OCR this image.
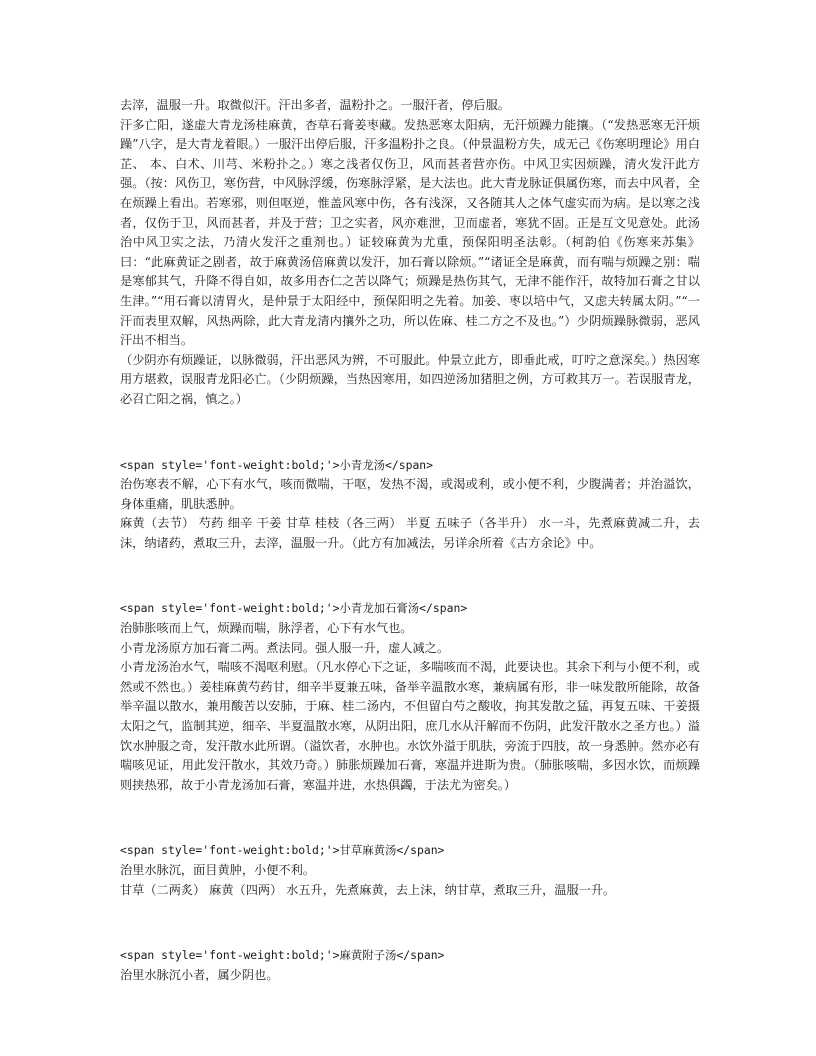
去滓，温服一升。取微似汗。汗出多者，温粉扑之。一服汗者，停后服。

汗多亡阳，遂虚大青龙汤桂麻黄，杏草石膏姜枣藏。发热恶寒太阳病，无汗烦躁力能攘。（“发热恶寒无汗烦躁”八字，是大青龙着眼。）一服汗出停后服，汗多温粉扑之良。（仲景温粉方失，成无己《伤寒明理论》用白芷、 本、白术、川芎、米粉扑之。）寒之浅者仅伤卫，风而甚者营亦伤。中风卫实因烦躁，清火发汗此方强。（按：风伤卫，寒伤营，中风脉浮缓，伤寒脉浮紧，是大法也。此大青龙脉证俱属伤寒，而去中风者，全在烦躁上看出。若寒邪，则但呕逆，惟盖风寒中伤，各有浅深，又各随其人之体气虚实而为病。是以寒之浅者，仅伤于卫，风而甚者，并及于营；卫之实者，风亦难泄，卫而虚者，寒犹不固。正是互文见意处。此汤治中风卫实之法，乃清火发汗之重剂也。）证较麻黄为尤重，预保阳明圣法彰。（柯韵伯《伤寒来苏集》曰：“此麻黄证之剧者，故于麻黄汤倍麻黄以发汗，加石膏以除烦。”“诸证全是麻黄，而有喘与烦躁之别：喘是寒郁其气，升降不得自如，故多用杏仁之苦以降气；烦躁是热伤其气，无津不能作汗，故特加石膏之甘以生津。”“用石膏以清胃火，是仲景于太阳经中，预保阳明之先着。加姜、枣以培中气，又虑夫转属太阴。”“一汗而表里双解，风热两除，此大青龙清内攘外之功，所以佐麻、桂二方之不及也。”）少阴烦躁脉微弱，恶风汗出不相当。

（少阴亦有烦躁证，以脉微弱，汗出恶风为辨，不可服此。仲景立此方，即垂此戒，叮咛之意深矣。）热因寒用方堪救，误服青龙阳必亡。（少阴烦躁，当热因寒用，如四逆汤加猪胆之例，方可救其万一。若误服青龙，必召亡阳之祸，慎之。）

<span style='font-weight:bold;'>小青龙汤</span>

治伤寒表不解，心下有水气，咳而微喘，干呕，发热不渴，或渴或利，或小便不利，少腹满者；并治溢饮，身体重痛，肌肤悉肿。

麻黄（去节） 芍药 细辛 干姜 甘草 桂枝（各三两） 半夏 五味子（各半升） 水一斗，先煮麻黄减二升，去沫，纳诸药，煮取三升，去滓，温服一升。（此方有加减法，另详余所着《古方余论》中。

<span style='font-weight:bold;'>小青龙加石膏汤</span>

治肺胀咳而上气，烦躁而喘，脉浮者，心下有水气也。

小青龙汤原方加石膏二两。煮法同。强人服一升，虚人减之。

小青龙汤治水气，喘咳不渴呕利慰。（凡水停心下之证，多喘咳而不渴，此要诀也。其余下利与小便不利，或然或不然也。）姜桂麻黄芍药甘，细辛半夏兼五味，备举辛温散水寒，兼病属有形，非一味发散所能除，故备举辛温以散水，兼用酸苦以安肺，于麻、桂二汤内，不但留白芍之酸收，拘其发散之猛，再复五味、干姜摄太阳之气，监制其逆，细辛、半夏温散水寒，从阴出阳，庶几水从汗解而不伤阴，此发汗散水之圣方也。）溢饮水肿服之奇，发汗散水此所谓。（溢饮者，水肿也。水饮外溢于肌肤，旁流于四肢，故一身悉肿。然亦必有喘咳见证，用此发汗散水，其效乃奇。）肺胀烦躁加石膏，寒温并进斯为贵。（肺胀咳喘，多因水饮，而烦躁则挟热邪，故于小青龙汤加石膏，寒温并进，水热俱蠲，于法尤为密矣。）

<span style='font-weight:bold;'>甘草麻黄汤</span>

治里水脉沉，面目黄肿，小便不利。

甘草（二两炙） 麻黄（四两） 水五升，先煮麻黄，去上沫，纳甘草，煮取三升，温服一升。

<span style='font-weight:bold;'>麻黄附子汤</span>

治里水脉沉小者，属少阴也。
